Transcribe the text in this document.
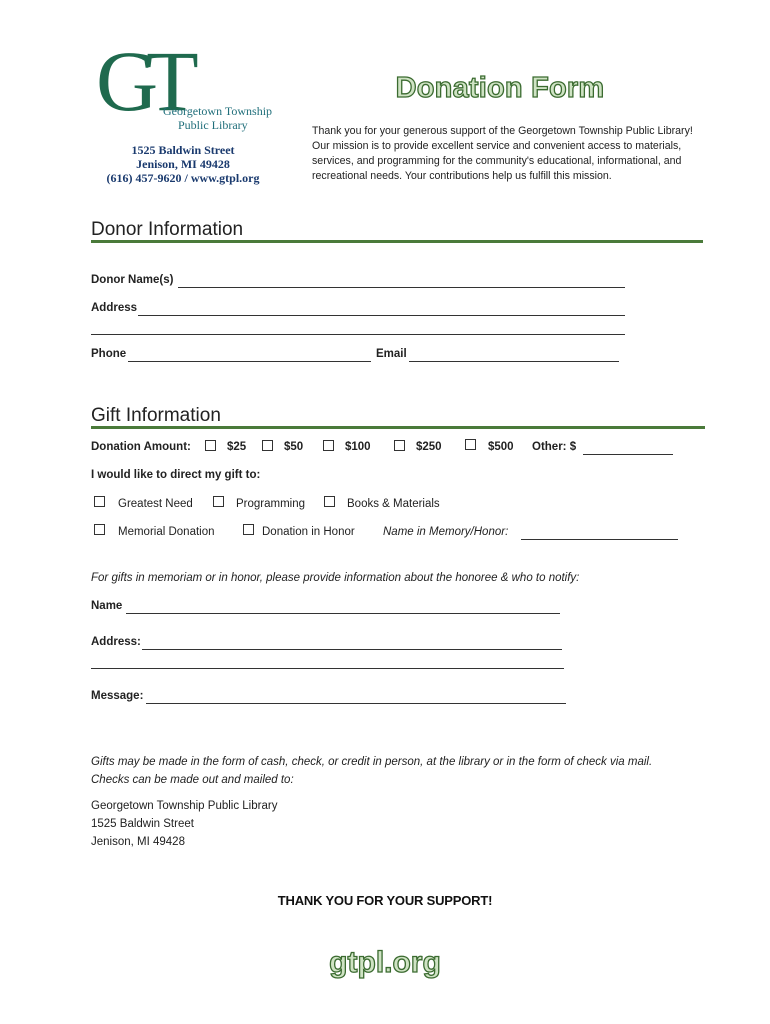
GT
Georgetown Township
Public Library
1525 Baldwin Street
Jenison, MI 49428
(616) 457-9620 / www.gtpl.org
Donation Form
Thank you for your generous support of the Georgetown Township Public Library! Our mission is to provide excellent service and convenient access to materials, services, and programming for the community's educational, informational, and recreational needs. Your contributions help us fulfill this mission.
Donor Information
Donor Name(s)
Address
Phone	Email
Gift Information
Donation Amount:	$25	$50	$100	$250	$500 Other: $
I would like to direct my gift to:
Greatest Need	Programming	Books & Materials
Memorial Donation	Donation in Honor Name in Memory/Honor:
For gifts in memoriam or in honor, please provide information about the honoree & who to notify:
Name
Address:
Message:
Gifts may be made in the form of cash, check, or credit in person, at the library or in the form of check via mail. Checks can be made out and mailed to:
Georgetown Township Public Library
1525 Baldwin Street
Jenison, MI 49428
THANK YOU FOR YOUR SUPPORT!
gtpl.org
